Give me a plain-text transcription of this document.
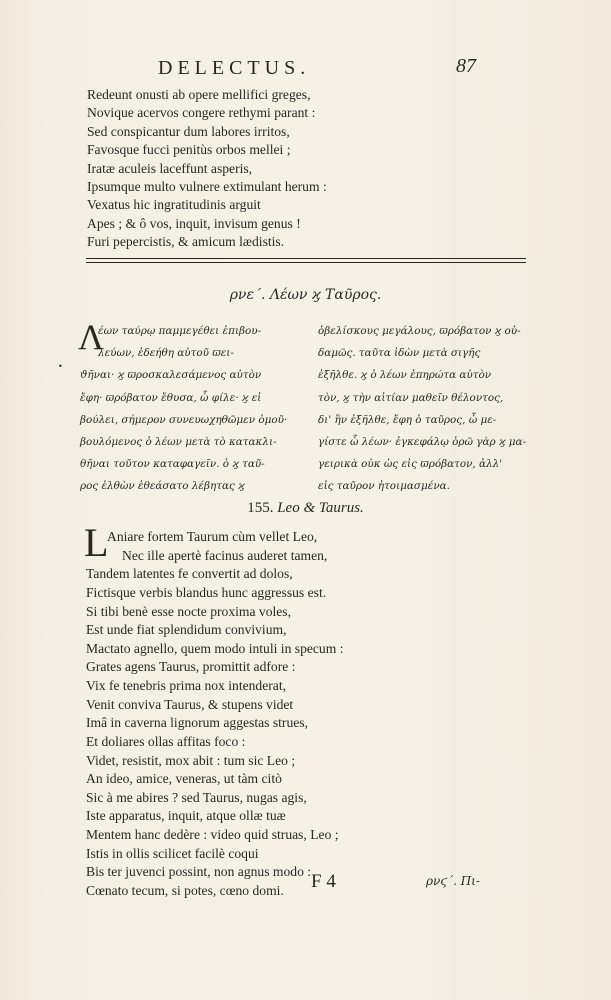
DELECTUS.	87
Redeunt onusti ab opere mellifici greges,
Novique acervos congere rethymi parant :
Sed conspicantur dum labores irritos,
Favosque fucci penitùs orbos mellei ;
Iratæ aculeis laceffunt asperis,
Ipsumque multo vulnere extimulant herum :
Vexatus hic ingratitudinis arguit
Apes ; & ô vos, inquit, invisum genus !
Furi pepercistis, & amicum lædistis.
ρνε΄. Λέων ϗ Ταῦρος.
Λ
•
έων ταύρῳ παμμεγέθει ἐπιβου-
λεύων, ἐδεήθη αὐτοῦ ϖει-
ϑῆναι· ϗ ϖροσκαλεσάμενος αὐτὸν
ἔφη· ϖρόβατον ἔθυσα, ὦ φίλε· ϗ εἰ
βούλει, σήμερον συνευωχηθῶμεν ὁμοῦ·
βουλόμενος ὁ λέων μετὰ τὸ κατακλι-
θῆναι τοῦτον καταφαγεῖν. ὁ ϗ ταῦ-
ρος ἐλθὼν ἐθεάσατο λέβητας ϗ
ὀβελίσκους μεγάλους, ϖρόβατον ϗ οὐ-
δαμῶς. ταῦτα ἰδὼν μετὰ σιγῆς
ἐξῆλθε. ϗ ὁ λέων ἐπηρώτα αὐτὸν
τὸν, ϗ τὴν αἰτίαν μαθεῖν θέλοντος,
δι' ἣν ἐξῆλθε, ἔφη ὁ ταῦρος, ὦ με-
γίστε ὦ λέων· ἐγκεφάλῳ ὁρῶ γὰρ ϗ μα-
γειρικὰ οὐκ ὡς εἰς ϖρόβατον, ἀλλ'
εἰς ταῦρον ἡτοιμασμένα.
155. Leo & Taurus.
L
Aniare fortem Taurum cùm vellet Leo,
Nec ille apertè facinus auderet tamen,
Tandem latentes fe convertit ad dolos,
Fictisque verbis blandus hunc aggressus est.
Si tibi benè esse nocte proxima voles,
Est unde fiat splendidum convivium,
Mactato agnello, quem modo intuli in specum :
Grates agens Taurus, promittit adfore :
Vix fe tenebris prima nox intenderat,
Venit conviva Taurus, & stupens videt
Imâ in caverna lignorum aggestas strues,
Et doliares ollas affitas foco :
Videt, resistit, mox abit : tum sic Leo ;
An ideo, amice, veneras, ut tàm citò
Sic à me abires ? sed Taurus, nugas agis,
Iste apparatus, inquit, atque ollæ tuæ
Mentem hanc dedère : video quid struas, Leo ;
Istis in ollis scilicet facilè coqui
Bis ter juvenci possint, non agnus modo :
Cœnato tecum, si potes, cœno domi.	F 4	ρνϛ΄. Πι-
